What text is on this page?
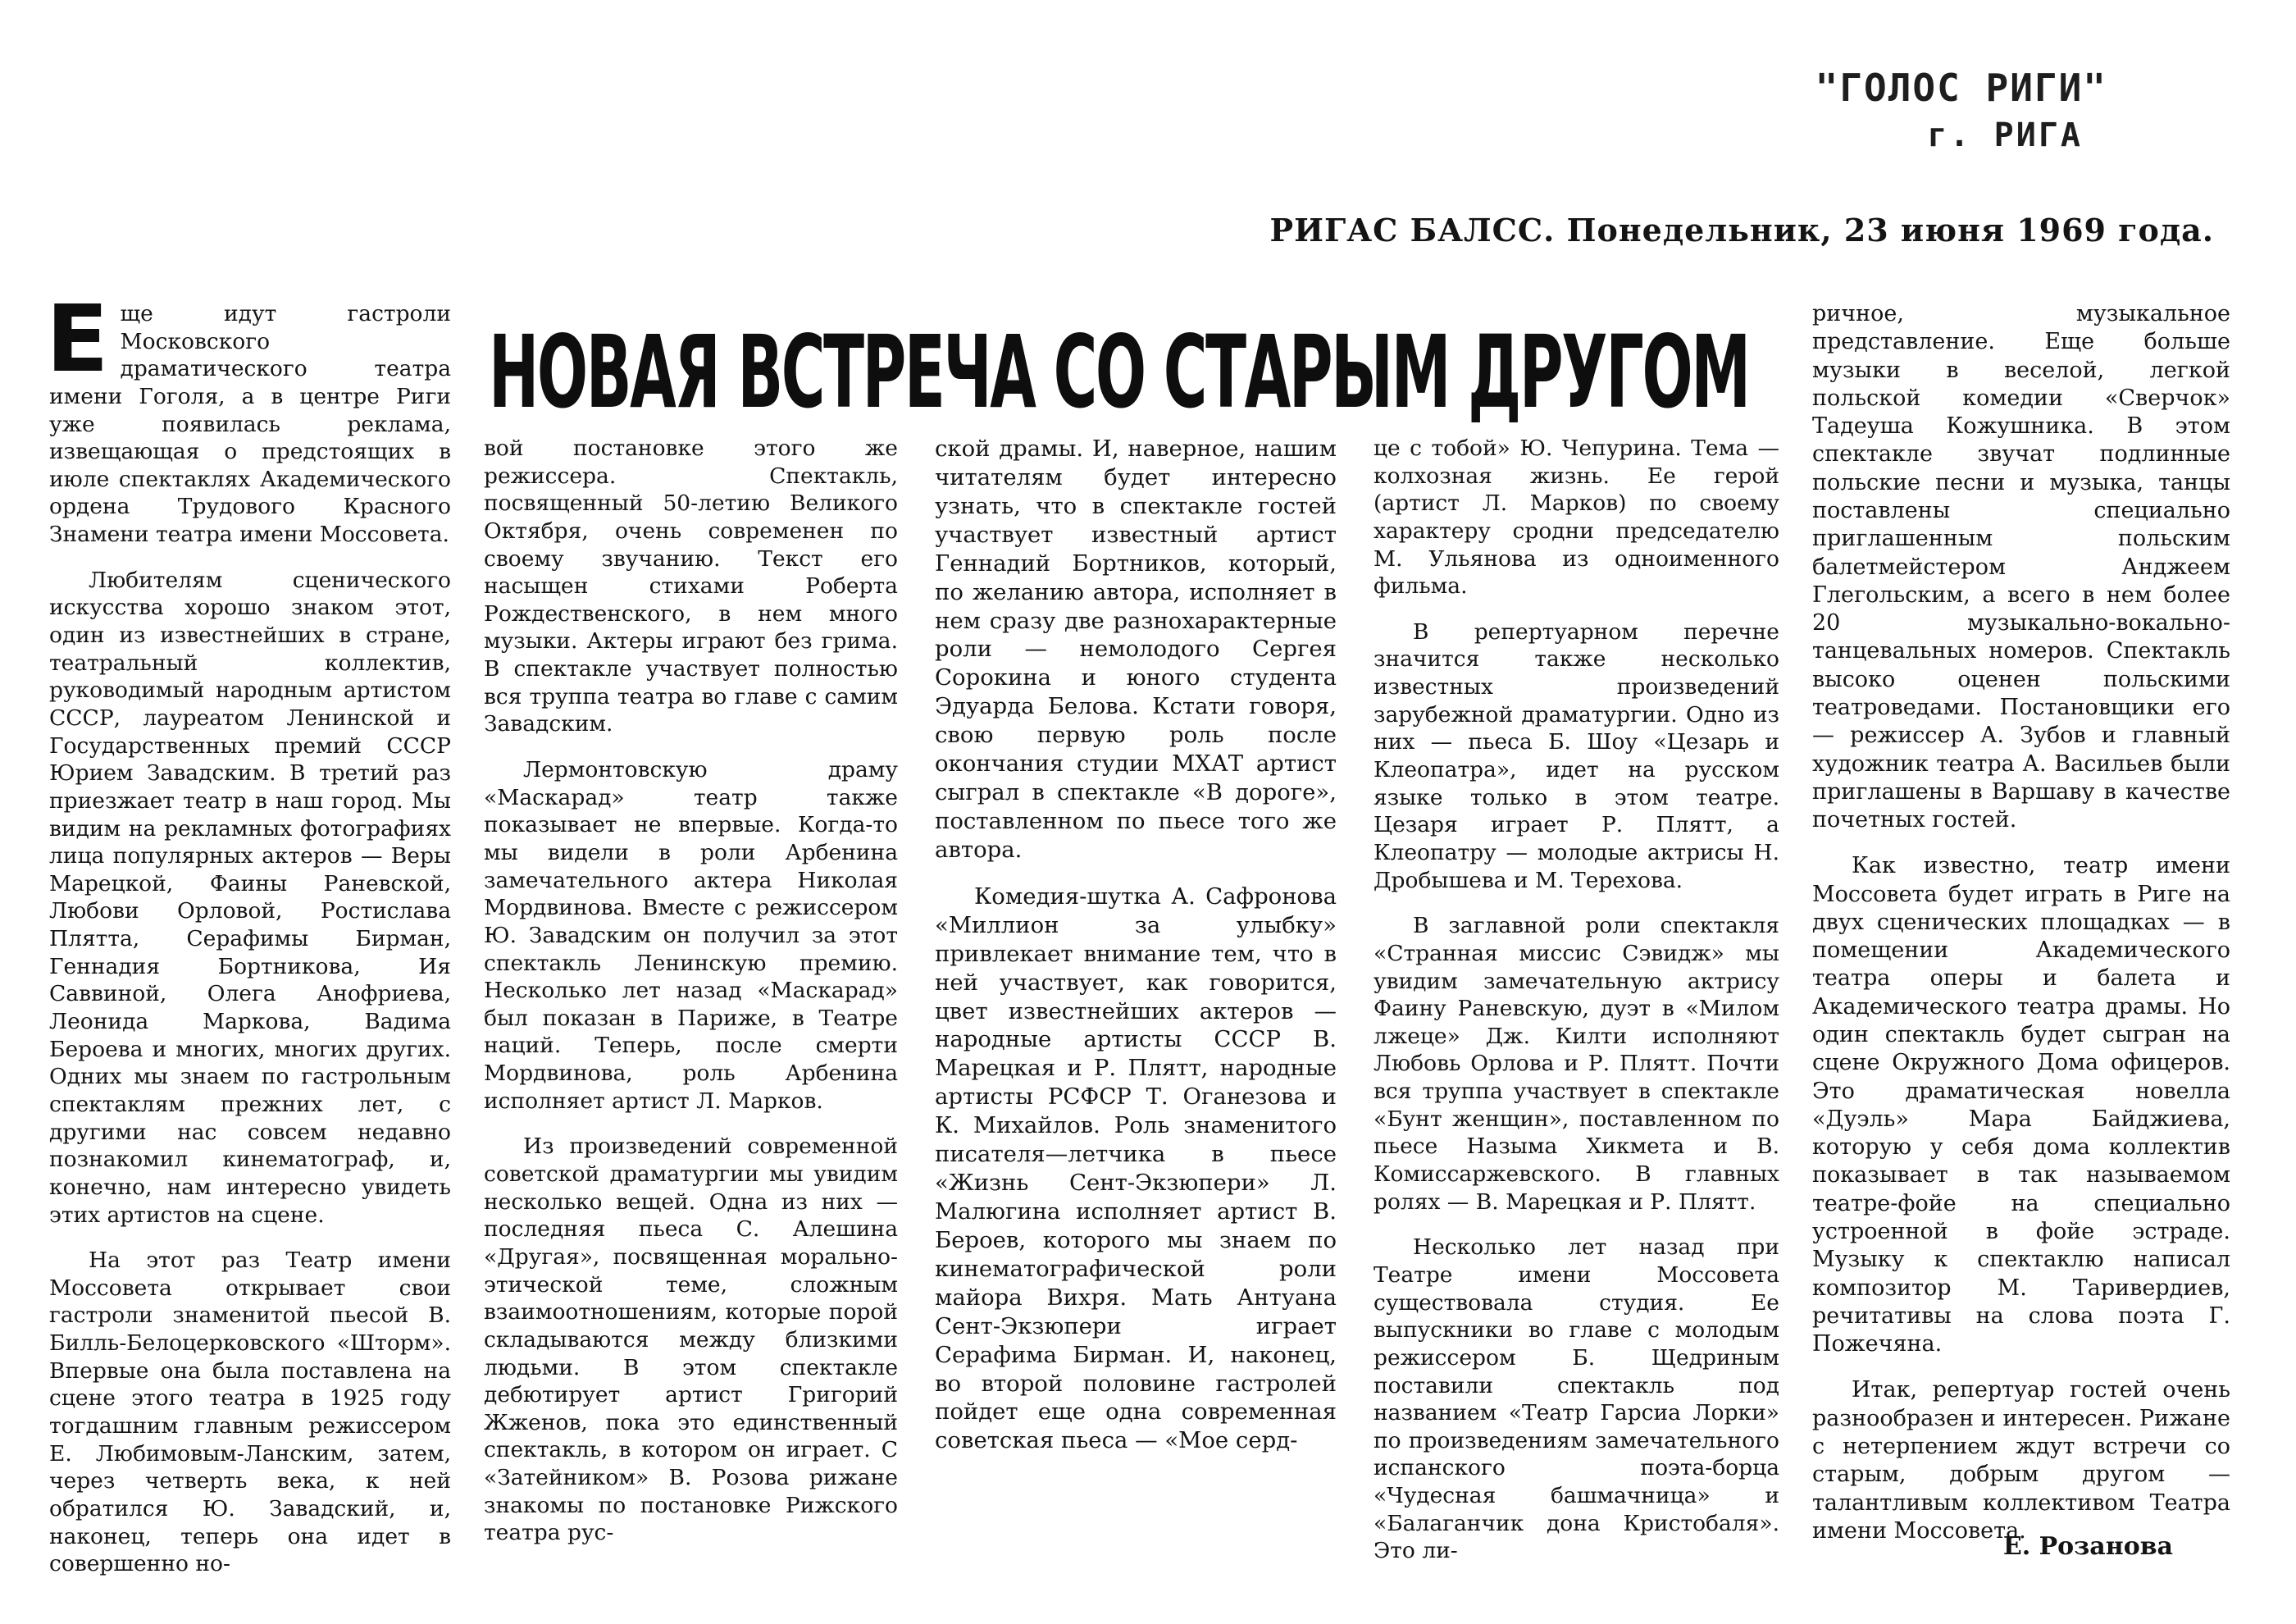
"ГОЛОС РИГИ"
г. РИГА
РИГАС БАЛСС. Понедельник, 23 июня 1969 года.
НОВАЯ ВСТРЕЧА СО СТАРЫМ ДРУГОМ

Еще идут гастроли Московского драматического театра имени Гоголя, а в центре Риги уже появилась реклама, извещающая о предстоящих в июле спектаклях Академического ордена Трудового Красного Знамени театра имени Моссовета.

Любителям сценического искусства хорошо знаком этот, один из известнейших в стране, театральный коллектив, руководимый народным артистом СССР, лауреатом Ленинской и Государственных премий СССР Юрием Завадским. В третий раз приезжает театр в наш город. Мы видим на рекламных фотографиях лица популярных актеров — Веры Марецкой, Фаины Раневской, Любови Орловой, Ростислава Плятта, Серафимы Бирман, Геннадия Бортникова, Ия Саввиной, Олега Анофриева, Леонида Маркова, Вадима Бероева и многих, многих других. Одних мы знаем по гастрольным спектаклям прежних лет, с другими нас совсем недавно познакомил кинематограф, и, конечно, нам интересно увидеть этих артистов на сцене.

На этот раз Театр имени Моссовета открывает свои гастроли знаменитой пьесой В. Билль-Белоцерковского «Шторм». Впервые она была поставлена на сцене этого театра в 1925 году тогдашним главным режиссером Е. Любимовым-Ланским, затем, через четверть века, к ней обратился Ю. Завадский, и, наконец, теперь она идет в совершенно но-

вой постановке этого же режиссера. Спектакль, посвященный 50-летию Великого Октября, очень современен по своему звучанию. Текст его насыщен стихами Роберта Рождественского, в нем много музыки. Актеры играют без грима. В спектакле участвует полностью вся труппа театра во главе с самим Завадским.

Лермонтовскую драму «Маскарад» театр также показывает не впервые. Когда-то мы видели в роли Арбенина замечательного актера Николая Мордвинова. Вместе с режиссером Ю. Завадским он получил за этот спектакль Ленинскую премию. Несколько лет назад «Маскарад» был показан в Париже, в Театре наций. Теперь, после смерти Мордвинова, роль Арбенина исполняет артист Л. Марков.

Из произведений современной советской драматургии мы увидим несколько вещей. Одна из них — последняя пьеса С. Алешина «Другая», посвященная морально-этической теме, сложным взаимоотношениям, которые порой складываются между близкими людьми. В этом спектакле дебютирует артист Григорий Жженов, пока это единственный спектакль, в котором он играет. С «Затейником» В. Розова рижане знакомы по постановке Рижского театра рус-

ской драмы. И, наверное, нашим читателям будет интересно узнать, что в спектакле гостей участвует известный артист Геннадий Бортников, который, по желанию автора, исполняет в нем сразу две разнохарактерные роли — немолодого Сергея Сорокина и юного студента Эдуарда Белова. Кстати говоря, свою первую роль после окончания студии МХАТ артист сыграл в спектакле «В дороге», поставленном по пьесе того же автора.

Комедия-шутка А. Сафронова «Миллион за улыбку» привлекает внимание тем, что в ней участвует, как говорится, цвет известнейших актеров — народные артисты СССР В. Марецкая и Р. Плятт, народные артисты РСФСР Т. Оганезова и К. Михайлов. Роль знаменитого писателя—летчика в пьесе «Жизнь Сент-Экзюпери» Л. Малюгина исполняет артист В. Бероев, которого мы знаем по кинематографической роли майора Вихря. Мать Антуана Сент-Экзюпери играет Серафима Бирман. И, наконец, во второй половине гастролей пойдет еще одна современная советская пьеса — «Мое серд-

це с тобой» Ю. Чепурина. Тема — колхозная жизнь. Ее герой (артист Л. Марков) по своему характеру сродни председателю М. Ульянова из одноименного фильма.

В репертуарном перечне значится также несколько известных произведений зарубежной драматургии. Одно из них — пьеса Б. Шоу «Цезарь и Клеопатра», идет на русском языке только в этом театре. Цезаря играет Р. Плятт, а Клеопатру — молодые актрисы Н. Дробышева и М. Терехова.

В заглавной роли спектакля «Странная миссис Сэвидж» мы увидим замечательную актрису Фаину Раневскую, дуэт в «Милом лжеце» Дж. Килти исполняют Любовь Орлова и Р. Плятт. Почти вся труппа участвует в спектакле «Бунт женщин», поставленном по пьесе Назыма Хикмета и В. Комиссаржевского. В главных ролях — В. Марецкая и Р. Плятт.

Несколько лет назад при Театре имени Моссовета существовала студия. Ее выпускники во главе с молодым режиссером Б. Щедриным поставили спектакль под названием «Театр Гарсиа Лорки» по произведениям замечательного испанского поэта-борца «Чудесная башмачница» и «Балаганчик дона Кристобаля». Это ли-

ричное, музыкальное представление. Еще больше музыки в веселой, легкой польской комедии «Сверчок» Тадеуша Кожушника. В этом спектакле звучат подлинные польские песни и музыка, танцы поставлены специально приглашенным польским балетмейстером Анджеем Глегольским, а всего в нем более 20 музыкально-вокально-танцевальных номеров. Спектакль высоко оценен польскими театроведами. Постановщики его — режиссер А. Зубов и главный художник театра А. Васильев были приглашены в Варшаву в качестве почетных гостей.

Как известно, театр имени Моссовета будет играть в Риге на двух сценических площадках — в помещении Академического театра оперы и балета и Академического театра драмы. Но один спектакль будет сыгран на сцене Окружного Дома офицеров. Это драматическая новелла «Дуэль» Мара Байджиева, которую у себя дома коллектив показывает в так называемом театре-фойе на специально устроенной в фойе эстраде. Музыку к спектаклю написал композитор М. Таривердиев, речитативы на слова поэта Г. Пожечяна.

Итак, репертуар гостей очень разнообразен и интересен. Рижане с нетерпением ждут встречи со старым, добрым другом — талантливым коллективом Театра имени Моссовета.

Е. Розанова
